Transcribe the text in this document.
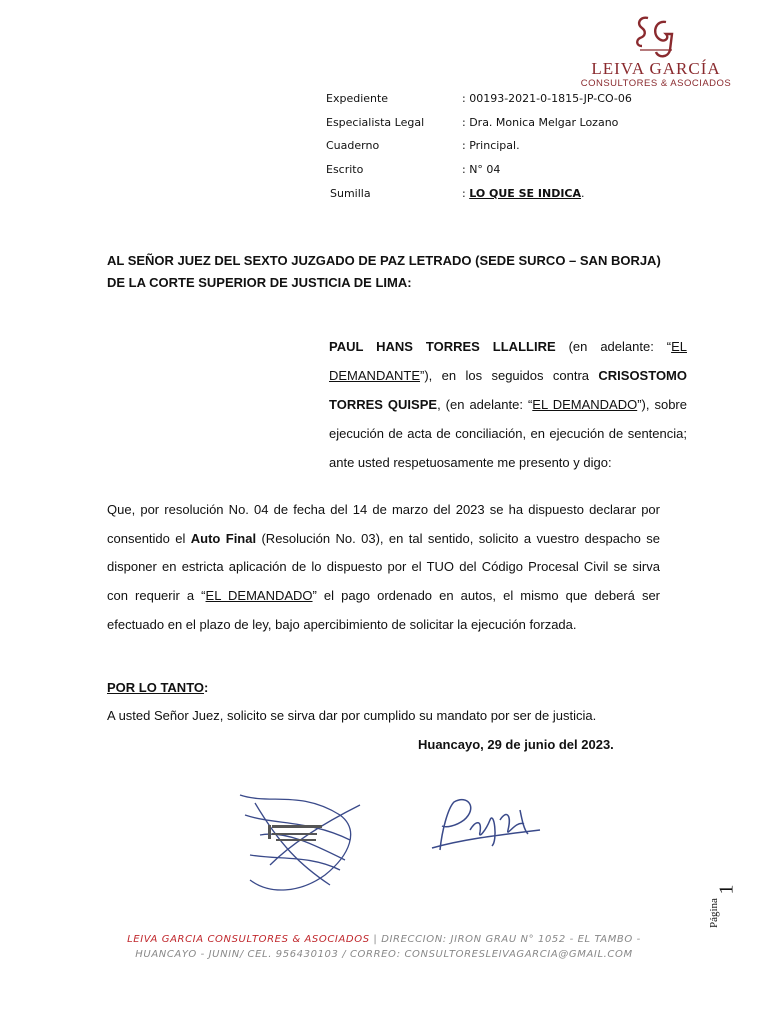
LEIVA GARCÍA
CONSULTORES & ASOCIADOS
Expediente	: 00193-2021-0-1815-JP-CO-06
Especialista Legal	: Dra. Monica Melgar Lozano
Cuaderno	: Principal.
Escrito	: N° 04
Sumilla	: LO QUE SE INDICA.
AL SEÑOR JUEZ DEL SEXTO JUZGADO DE PAZ LETRADO (SEDE SURCO – SAN BORJA) DE LA CORTE SUPERIOR DE JUSTICIA DE LIMA:
PAUL HANS TORRES LLALLIRE (en adelante: “EL DEMANDANTE”), en los seguidos contra CRISOSTOMO TORRES QUISPE, (en adelante: “EL DEMANDADO”), sobre ejecución de acta de conciliación, en ejecución de sentencia; ante usted respetuosamente me presento y digo:
Que, por resolución No. 04 de fecha del 14 de marzo del 2023 se ha dispuesto declarar por consentido el Auto Final (Resolución No. 03), en tal sentido, solicito a vuestro despacho se disponer en estricta aplicación de lo dispuesto por el TUO del Código Procesal Civil se sirva con requerir a “EL DEMANDADO” el pago ordenado en autos, el mismo que deberá ser efectuado en el plazo de ley, bajo apercibimiento de solicitar la ejecución forzada.
POR LO TANTO:
A usted Señor Juez, solicito se sirva dar por cumplido su mandato por ser de justicia.
Huancayo, 29 de junio del 2023.
Página
1
LEIVA GARCIA CONSULTORES & ASOCIADOS | DIRECCION: JIRON GRAU N° 1052 - EL TAMBO - HUANCAYO - JUNIN/ CEL. 956430103 / CORREO: CONSULTORESLEIVAGARCIA@GMAIL.COM
